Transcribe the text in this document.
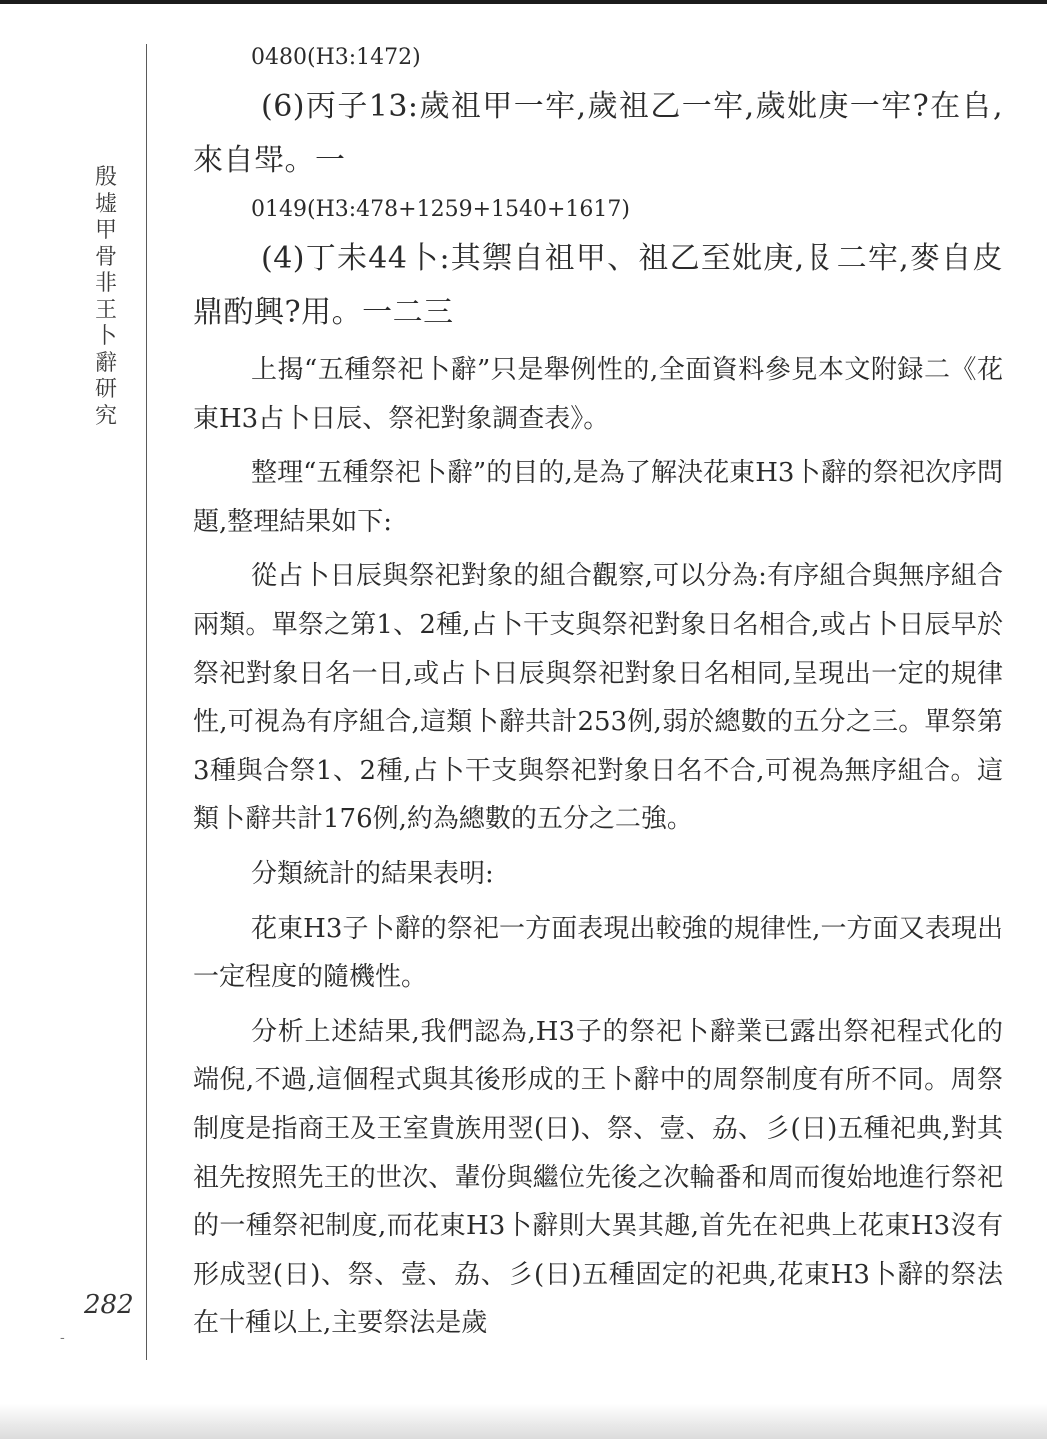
殷墟甲骨非王卜辭研究
282
-

0480(H3:1472)

(6)丙子13:歲祖甲一牢,歲祖乙一牢,歲妣庚一牢?在𠂤,來自斝。一

0149(H3:478+1259+1540+1617)

(4)丁未44卜:其禦自祖甲、祖乙至妣庚,𠬝二牢,麥自皮鼎酌興?用。一二三

上揭“五種祭祀卜辭”只是舉例性的,全面資料參見本文附録二《花東H3占卜日辰、祭祀對象調查表》。

整理“五種祭祀卜辭”的目的,是為了解決花東H3卜辭的祭祀次序問題,整理結果如下:

從占卜日辰與祭祀對象的組合觀察,可以分為:有序組合與無序組合兩類。單祭之第1、2種,占卜干支與祭祀對象日名相合,或占卜日辰早於祭祀對象日名一日,或占卜日辰與祭祀對象日名相同,呈現出一定的規律性,可視為有序組合,這類卜辭共計253例,弱於總數的五分之三。單祭第3種與合祭1、2種,占卜干支與祭祀對象日名不合,可視為無序組合。這類卜辭共計176例,約為總數的五分之二強。

分類統計的結果表明:

花東H3子卜辭的祭祀一方面表現出較強的規律性,一方面又表現出一定程度的隨機性。

分析上述結果,我們認為,H3子的祭祀卜辭業已露出祭祀程式化的端倪,不過,這個程式與其後形成的王卜辭中的周祭制度有所不同。周祭制度是指商王及王室貴族用翌(日)、祭、壹、劦、彡(日)五種祀典,對其祖先按照先王的世次、輩份與繼位先後之次輪番和周而復始地進行祭祀的一種祭祀制度,而花東H3卜辭則大異其趣,首先在祀典上花東H3沒有形成翌(日)、祭、壹、劦、彡(日)五種固定的祀典,花東H3卜辭的祭法在十種以上,主要祭法是歲
